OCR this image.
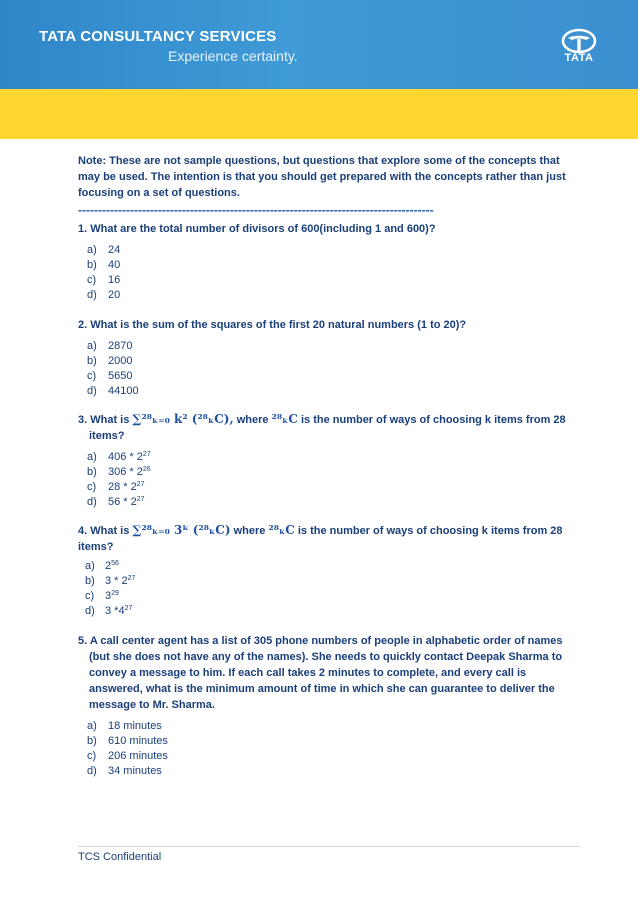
TATA CONSULTANCY SERVICES
Experience certainty.	TATA

Note: These are not sample questions, but questions that explore some of the concepts that may be used. The intention is that you should get prepared with the concepts rather than just focusing on a set of questions.

-----------------------------------------------------------------------------------------

1. What are the total number of divisors of 600(including 1 and 600)?

a) 24
b) 40
c) 16
d) 20

2. What is the sum of the squares of the first 20 natural numbers (1 to 20)?

a) 2870
b) 2000
c) 5650
d) 44100

3. What is ∑²⁸ₖ₌₀ k² (²⁸ₖC), where ²⁸ₖC is the number of ways of choosing k items from 28
items?

a) $406 * 2^{27}$
b) $306 * 2^{26}$
c) $28 * 2^{27}$
d) $56 * 2^{27}$

4. What is ∑²⁸ₖ₌₀ 3ᵏ (²⁸ₖC) where ²⁸ₖC is the number of ways of choosing k items from 28
items?

a) $2^{56}$
b) $3 * 2^{27}$
c) $3^{29}$
d) 3 $*4^{27}$

5. A call center agent has a list of 305 phone numbers of people in alphabetic order of names (but she does not have any of the names). She needs to quickly contact Deepak Sharma to convey a message to him. If each call takes 2 minutes to complete, and every call is answered, what is the minimum amount of time in which she can guarantee to deliver the message to Mr. Sharma.

a) 18 minutes
b) 610 minutes
c) 206 minutes
d) 34 minutes
TCS Confidential
